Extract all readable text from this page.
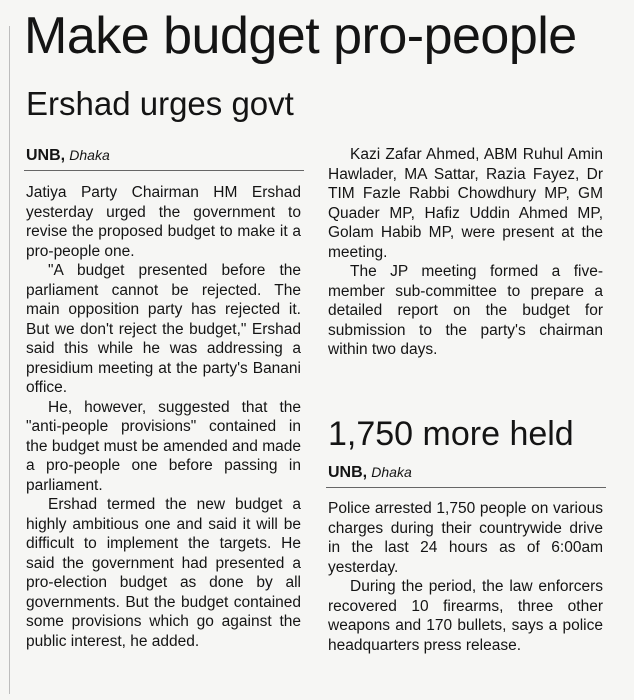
Make budget pro-people
Ershad urges govt
UNB, Dhaka

Jatiya Party Chairman HM Ershad yesterday urged the government to revise the proposed budget to make it a pro-people one.

"A budget presented before the parliament cannot be rejected. The main opposition party has rejected it. But we don't reject the budget," Ershad said this while he was addressing a presidium meeting at the party's Banani office.

He, however, suggested that the "anti-people provisions" contained in the budget must be amended and made a pro-people one before passing in parliament.

Ershad termed the new budget a highly ambitious one and said it will be difficult to implement the targets. He said the government had presented a pro-election budget as done by all governments. But the budget contained some provisions which go against the public interest, he added.

Kazi Zafar Ahmed, ABM Ruhul Amin Hawlader, MA Sattar, Razia Fayez, Dr TIM Fazle Rabbi Chowdhury MP, GM Quader MP, Hafiz Uddin Ahmed MP, Golam Habib MP, were present at the meeting.

The JP meeting formed a five-member sub-committee to prepare a detailed report on the budget for submission to the party's chairman within two days.

1,750 more held
UNB, Dhaka

Police arrested 1,750 people on various charges during their countrywide drive in the last 24 hours as of 6:00am yesterday.

During the period, the law enforcers recovered 10 firearms, three other weapons and 170 bullets, says a police headquarters press release.
